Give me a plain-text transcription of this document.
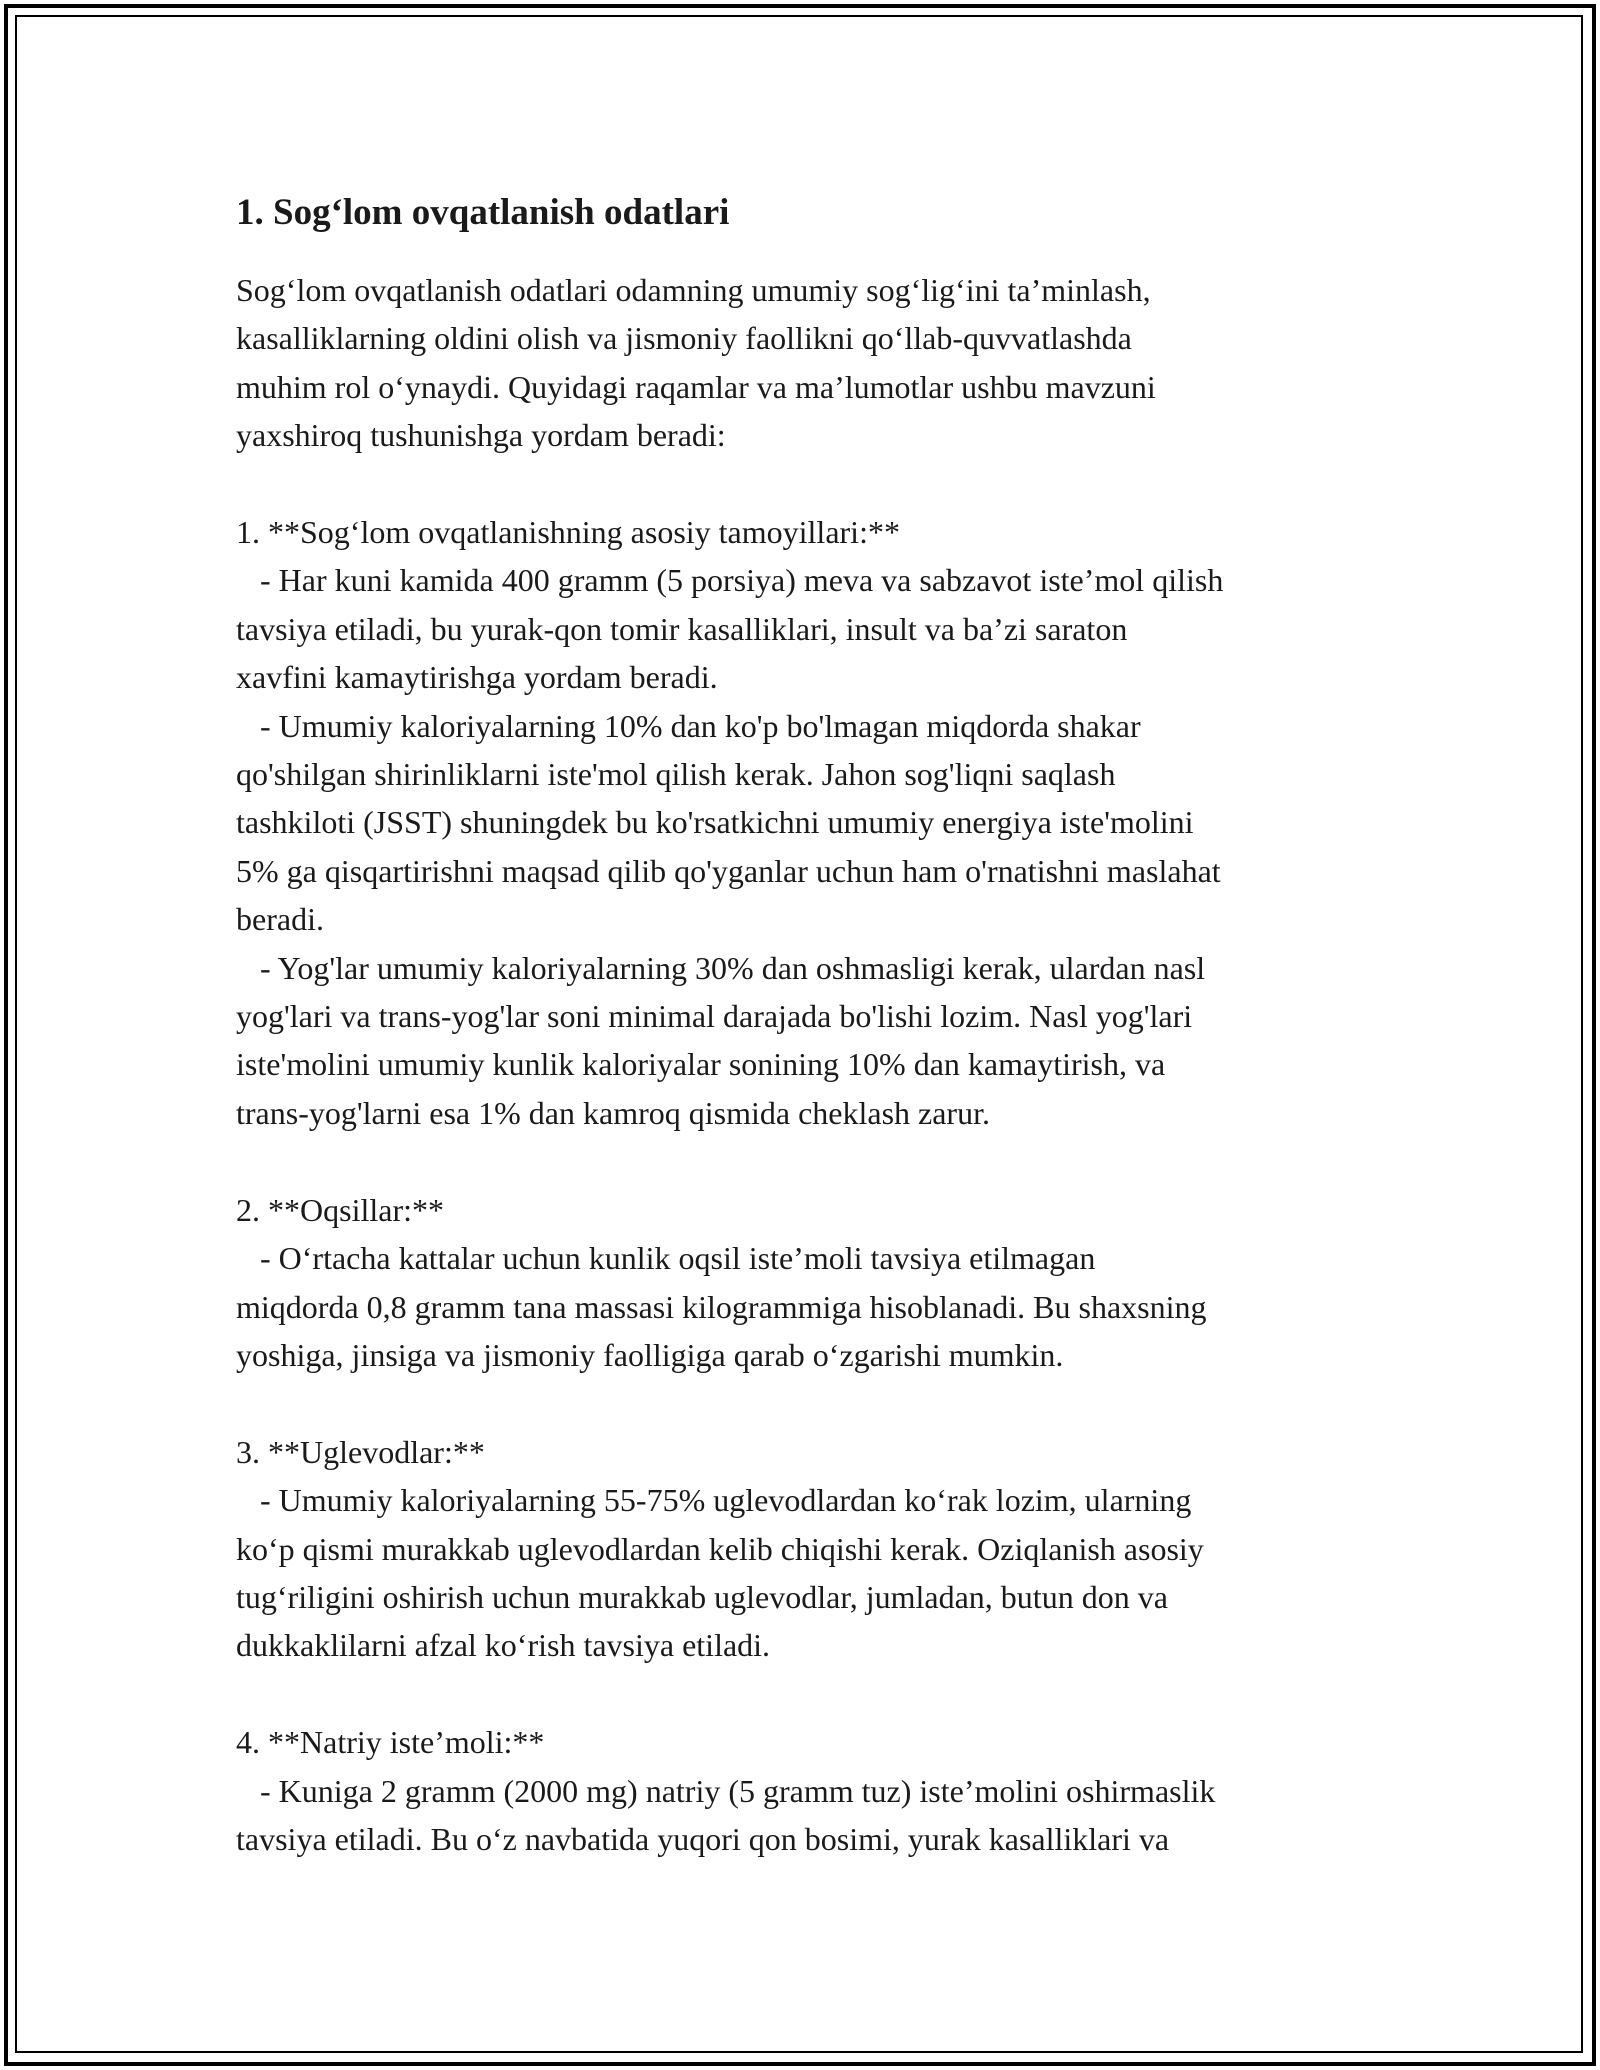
1. Sog‘lom ovqatlanish odatlari
Sog‘lom ovqatlanish odatlari odamning umumiy sog‘lig‘ini ta’minlash,
kasalliklarning oldini olish va jismoniy faollikni qo‘llab-quvvatlashda
muhim rol o‘ynaydi. Quyidagi raqamlar va ma’lumotlar ushbu mavzuni
yaxshiroq tushunishga yordam beradi:
1. **Sog‘lom ovqatlanishning asosiy tamoyillari:**
- Har kuni kamida 400 gramm (5 porsiya) meva va sabzavot iste’mol qilish
tavsiya etiladi, bu yurak-qon tomir kasalliklari, insult va ba’zi saraton
xavfini kamaytirishga yordam beradi.
- Umumiy kaloriyalarning 10% dan ko'p bo'lmagan miqdorda shakar
qo'shilgan shirinliklarni iste'mol qilish kerak. Jahon sog'liqni saqlash
tashkiloti (JSST) shuningdek bu ko'rsatkichni umumiy energiya iste'molini
5% ga qisqartirishni maqsad qilib qo'yganlar uchun ham o'rnatishni maslahat
beradi.
- Yog'lar umumiy kaloriyalarning 30% dan oshmasligi kerak, ulardan nasl
yog'lari va trans-yog'lar soni minimal darajada bo'lishi lozim. Nasl yog'lari
iste'molini umumiy kunlik kaloriyalar sonining 10% dan kamaytirish, va
trans-yog'larni esa 1% dan kamroq qismida cheklash zarur.
2. **Oqsillar:**
- O‘rtacha kattalar uchun kunlik oqsil iste’moli tavsiya etilmagan
miqdorda 0,8 gramm tana massasi kilogrammiga hisoblanadi. Bu shaxsning
yoshiga, jinsiga va jismoniy faolligiga qarab o‘zgarishi mumkin.
3. **Uglevodlar:**
- Umumiy kaloriyalarning 55-75% uglevodlardan ko‘rak lozim, ularning
ko‘p qismi murakkab uglevodlardan kelib chiqishi kerak. Oziqlanish asosiy
tug‘riligini oshirish uchun murakkab uglevodlar, jumladan, butun don va
dukkaklilarni afzal ko‘rish tavsiya etiladi.
4. **Natriy iste’moli:**
- Kuniga 2 gramm (2000 mg) natriy (5 gramm tuz) iste’molini oshirmaslik
tavsiya etiladi. Bu o‘z navbatida yuqori qon bosimi, yurak kasalliklari va
